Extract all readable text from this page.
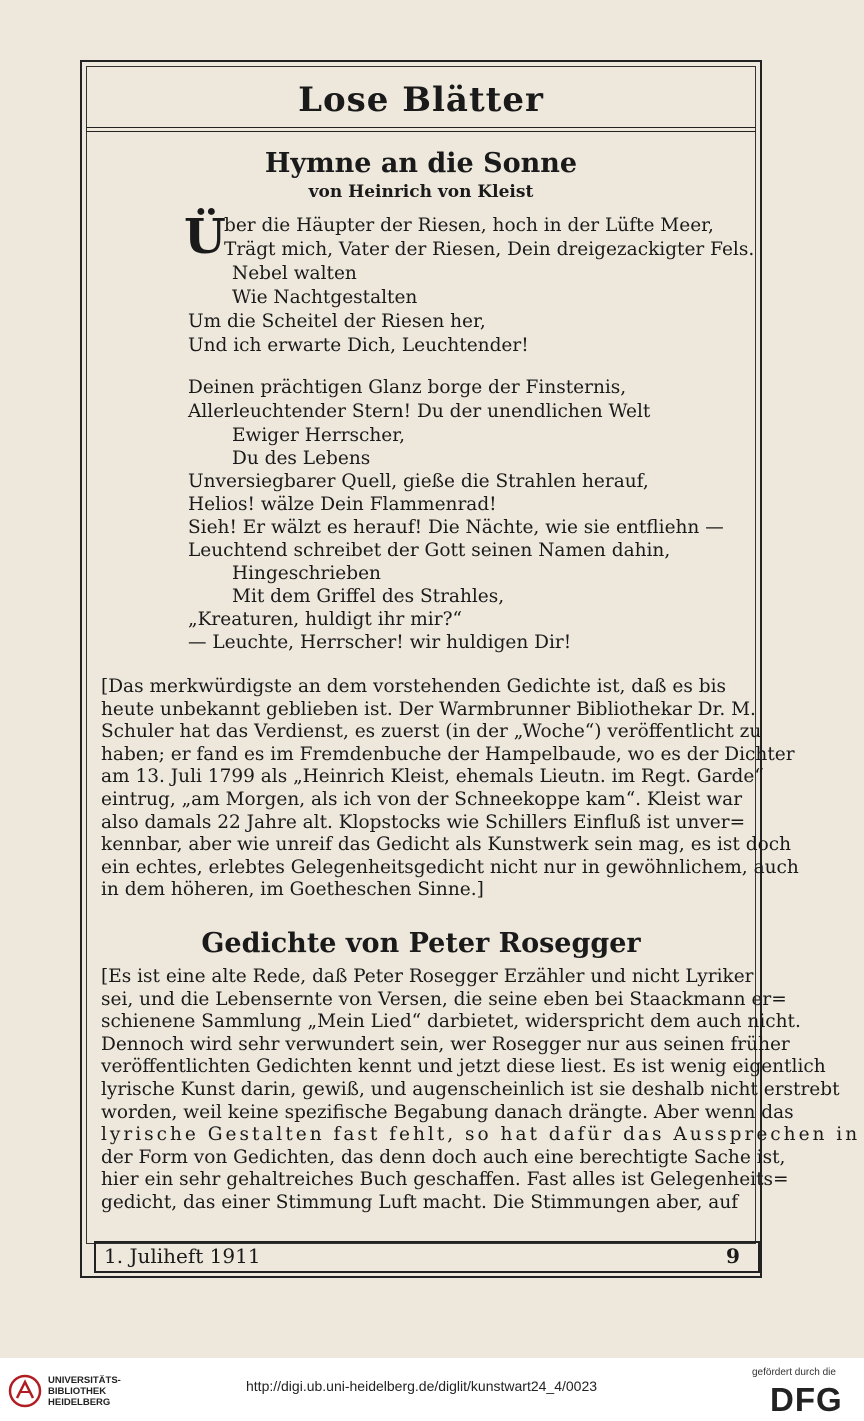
Lose Blätter
Hymne an die Sonne
von Heinrich von Kleist
Ü
ber die Häupter der Riesen, hoch in der Lüfte Meer,
Trägt mich, Vater der Riesen, Dein dreigezackigter Fels.
Nebel walten
Wie Nachtgestalten
Um die Scheitel der Riesen her,
Und ich erwarte Dich, Leuchtender!
Deinen prächtigen Glanz borge der Finsternis,
Allerleuchtender Stern! Du der unendlichen Welt
Ewiger Herrscher,
Du des Lebens
Unversiegbarer Quell, gieße die Strahlen herauf,
Helios! wälze Dein Flammenrad!
Sieh! Er wälzt es herauf! Die Nächte, wie sie entfliehn —
Leuchtend schreibet der Gott seinen Namen dahin,
Hingeschrieben
Mit dem Griffel des Strahles,
„Kreaturen, huldigt ihr mir?“
— Leuchte, Herrscher! wir huldigen Dir!
[Das merkwürdigste an dem vorstehenden Gedichte ist, daß es bis
heute unbekannt geblieben ist. Der Warmbrunner Bibliothekar Dr. M.
Schuler hat das Verdienst, es zuerst (in der „Woche“) veröffentlicht zu
haben; er fand es im Fremdenbuche der Hampelbaude, wo es der Dichter
am 13. Juli 1799 als „Heinrich Kleist, ehemals Lieutn. im Regt. Garde“
eintrug, „am Morgen, als ich von der Schneekoppe kam“. Kleist war
also damals 22 Jahre alt. Klopstocks wie Schillers Einfluß ist unver=
kennbar, aber wie unreif das Gedicht als Kunstwerk sein mag, es ist doch
ein echtes, erlebtes Gelegenheitsgedicht nicht nur in gewöhnlichem, auch
in dem höheren, im Goetheschen Sinne.]
Gedichte von Peter Rosegger
[Es ist eine alte Rede, daß Peter Rosegger Erzähler und nicht Lyriker
sei, und die Lebensernte von Versen, die seine eben bei Staackmann er=
schienene Sammlung „Mein Lied“ darbietet, widerspricht dem auch nicht.
Dennoch wird sehr verwundert sein, wer Rosegger nur aus seinen früher
veröffentlichten Gedichten kennt und jetzt diese liest. Es ist wenig eigentlich
lyrische Kunst darin, gewiß, und augenscheinlich ist sie deshalb nicht erstrebt
worden, weil keine spezifische Begabung danach drängte. Aber wenn das
lyrische Gestalten fast fehlt, so hat dafür das Aussprechen in
der Form von Gedichten, das denn doch auch eine berechtigte Sache ist,
hier ein sehr gehaltreiches Buch geschaffen. Fast alles ist Gelegenheits=
gedicht, das einer Stimmung Luft macht. Die Stimmungen aber, auf
1. Juliheft 1911	9
UNIVERSITÄTS-
BIBLIOTHEK
HEIDELBERG
http://digi.ub.uni-heidelberg.de/diglit/kunstwart24_4/0023
gefördert durch die
DFG
